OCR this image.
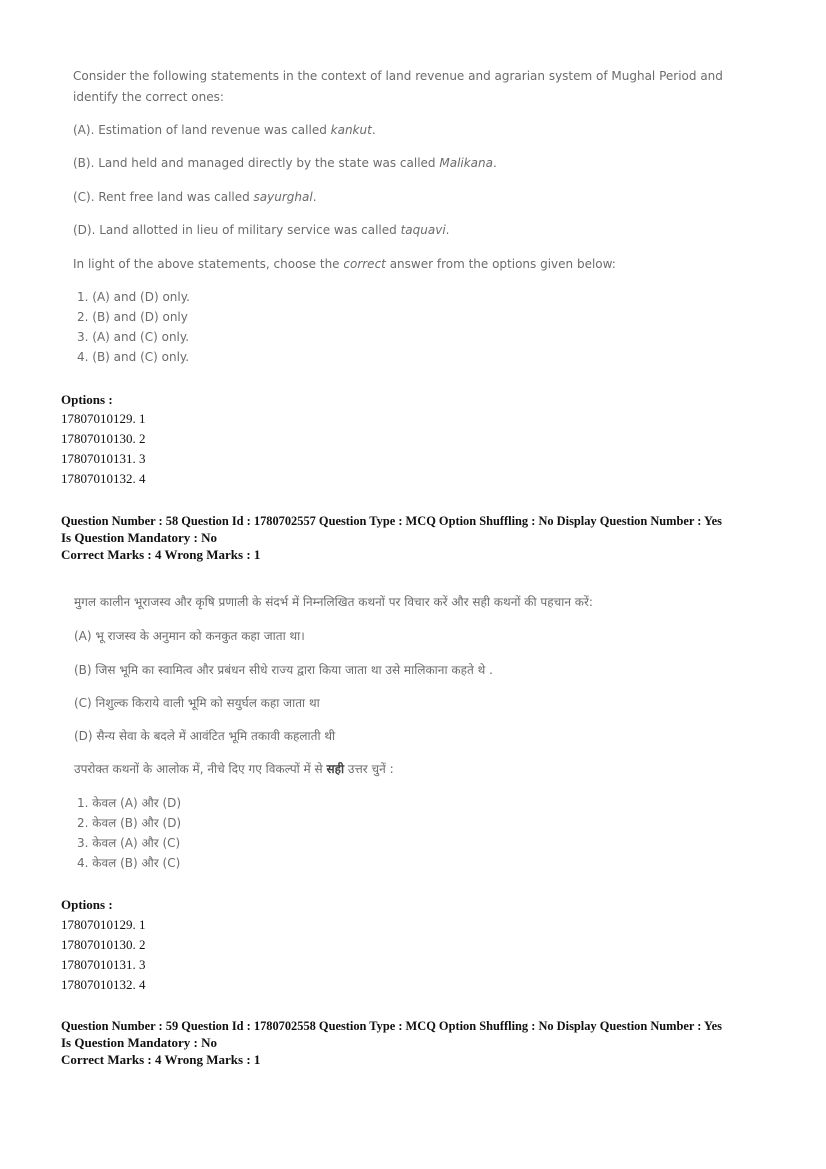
Consider the following statements in the context of land revenue and agrarian system of Mughal Period and identify the correct ones:

(A). Estimation of land revenue was called kankut.

(B). Land held and managed directly by the state was called Malikana.

(C). Rent free land was called sayurghal.

(D). Land allotted in lieu of military service was called taquavi.

In light of the above statements, choose the correct answer from the options given below:

1. (A) and (D) only.

2. (B) and (D) only

3. (A) and (C) only.

4. (B) and (C) only.

Options :
17807010129. 1
17807010130. 2
17807010131. 3
17807010132. 4
Question Number : 58 Question Id : 1780702557 Question Type : MCQ Option Shuffling : No Display Question Number : Yes
Is Question Mandatory : No
Correct Marks : 4 Wrong Marks : 1

मुगल कालीन भूराजस्व और कृषि प्रणाली के संदर्भ में निम्नलिखित कथनों पर विचार करें और सही कथनों की पहचान करें:

(A) भू राजस्व के अनुमान को कनकुत कहा जाता था।

(B) जिस भूमि का स्वामित्व और प्रबंधन सीधे राज्य द्वारा किया जाता था उसे मालिकाना कहते थे .

(C) निशुल्क किराये वाली भूमि को सयुर्घल कहा जाता था

(D) सैन्य सेवा के बदले में आवंटित भूमि तकावी कहलाती थी

उपरोक्त कथनों के आलोक में, नीचे दिए गए विकल्पों में से सही उत्तर चुनें :

1. केवल (A) और (D)

2. केवल (B) और (D)

3. केवल (A) और (C)

4. केवल (B) और (C)

Options :
17807010129. 1
17807010130. 2
17807010131. 3
17807010132. 4
Question Number : 59 Question Id : 1780702558 Question Type : MCQ Option Shuffling : No Display Question Number : Yes
Is Question Mandatory : No
Correct Marks : 4 Wrong Marks : 1
